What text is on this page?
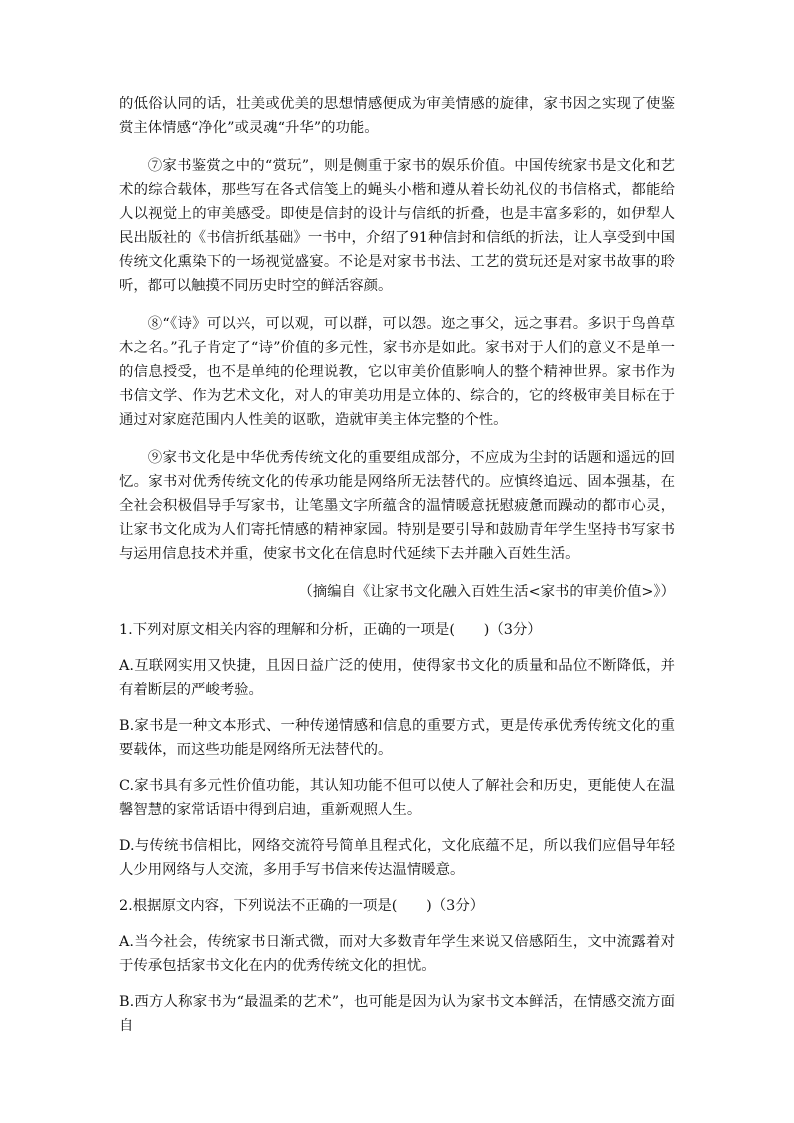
的低俗认同的话，壮美或优美的思想情感便成为审美情感的旋律，家书因之实现了使鉴赏主体情感“净化”或灵魂“升华”的功能。

⑦家书鉴赏之中的“赏玩”，则是侧重于家书的娱乐价值。中国传统家书是文化和艺术的综合载体，那些写在各式信笺上的蝇头小楷和遵从着长幼礼仪的书信格式，都能给人以视觉上的审美感受。即使是信封的设计与信纸的折叠，也是丰富多彩的，如伊犁人民出版社的《书信折纸基础》一书中，介绍了91种信封和信纸的折法，让人享受到中国传统文化熏染下的一场视觉盛宴。不论是对家书书法、工艺的赏玩还是对家书故事的聆听，都可以触摸不同历史时空的鲜活容颜。

⑧“《诗》可以兴，可以观，可以群，可以怨。迩之事父，远之事君。多识于鸟兽草木之名。”孔子肯定了“诗”价值的多元性，家书亦是如此。家书对于人们的意义不是单一的信息授受，也不是单纯的伦理说教，它以审美价值影响人的整个精神世界。家书作为书信文学、作为艺术文化，对人的审美功用是立体的、综合的，它的终极审美目标在于通过对家庭范围内人性美的讴歌，造就审美主体完整的个性。

⑨家书文化是中华优秀传统文化的重要组成部分，不应成为尘封的话题和遥远的回忆。家书对优秀传统文化的传承功能是网络所无法替代的。应慎终追远、固本强基，在全社会积极倡导手写家书，让笔墨文字所蕴含的温情暖意抚慰疲惫而躁动的都市心灵，让家书文化成为人们寄托情感的精神家园。特别是要引导和鼓励青年学生坚持书写家书与运用信息技术并重，使家书文化在信息时代延续下去并融入百姓生活。

（摘编自《让家书文化融入百姓生活<家书的审美价值>》）

1.下列对原文相关内容的理解和分析，正确的一项是(　　)（3分）

A.互联网实用又快捷，且因日益广泛的使用，使得家书文化的质量和品位不断降低，并有着断层的严峻考验。

B.家书是一种文本形式、一种传递情感和信息的重要方式，更是传承优秀传统文化的重要载体，而这些功能是网络所无法替代的。

C.家书具有多元性价值功能，其认知功能不但可以使人了解社会和历史，更能使人在温馨智慧的家常话语中得到启迪，重新观照人生。

D.与传统书信相比，网络交流符号简单且程式化，文化底蕴不足，所以我们应倡导年轻人少用网络与人交流，多用手写书信来传达温情暖意。

2.根据原文内容，下列说法不正确的一项是(　　)（3分）

A.当今社会，传统家书日渐式微，而对大多数青年学生来说又倍感陌生，文中流露着对于传承包括家书文化在内的优秀传统文化的担忧。

B.西方人称家书为“最温柔的艺术”，也可能是因为认为家书文本鲜活，在情感交流方面自
